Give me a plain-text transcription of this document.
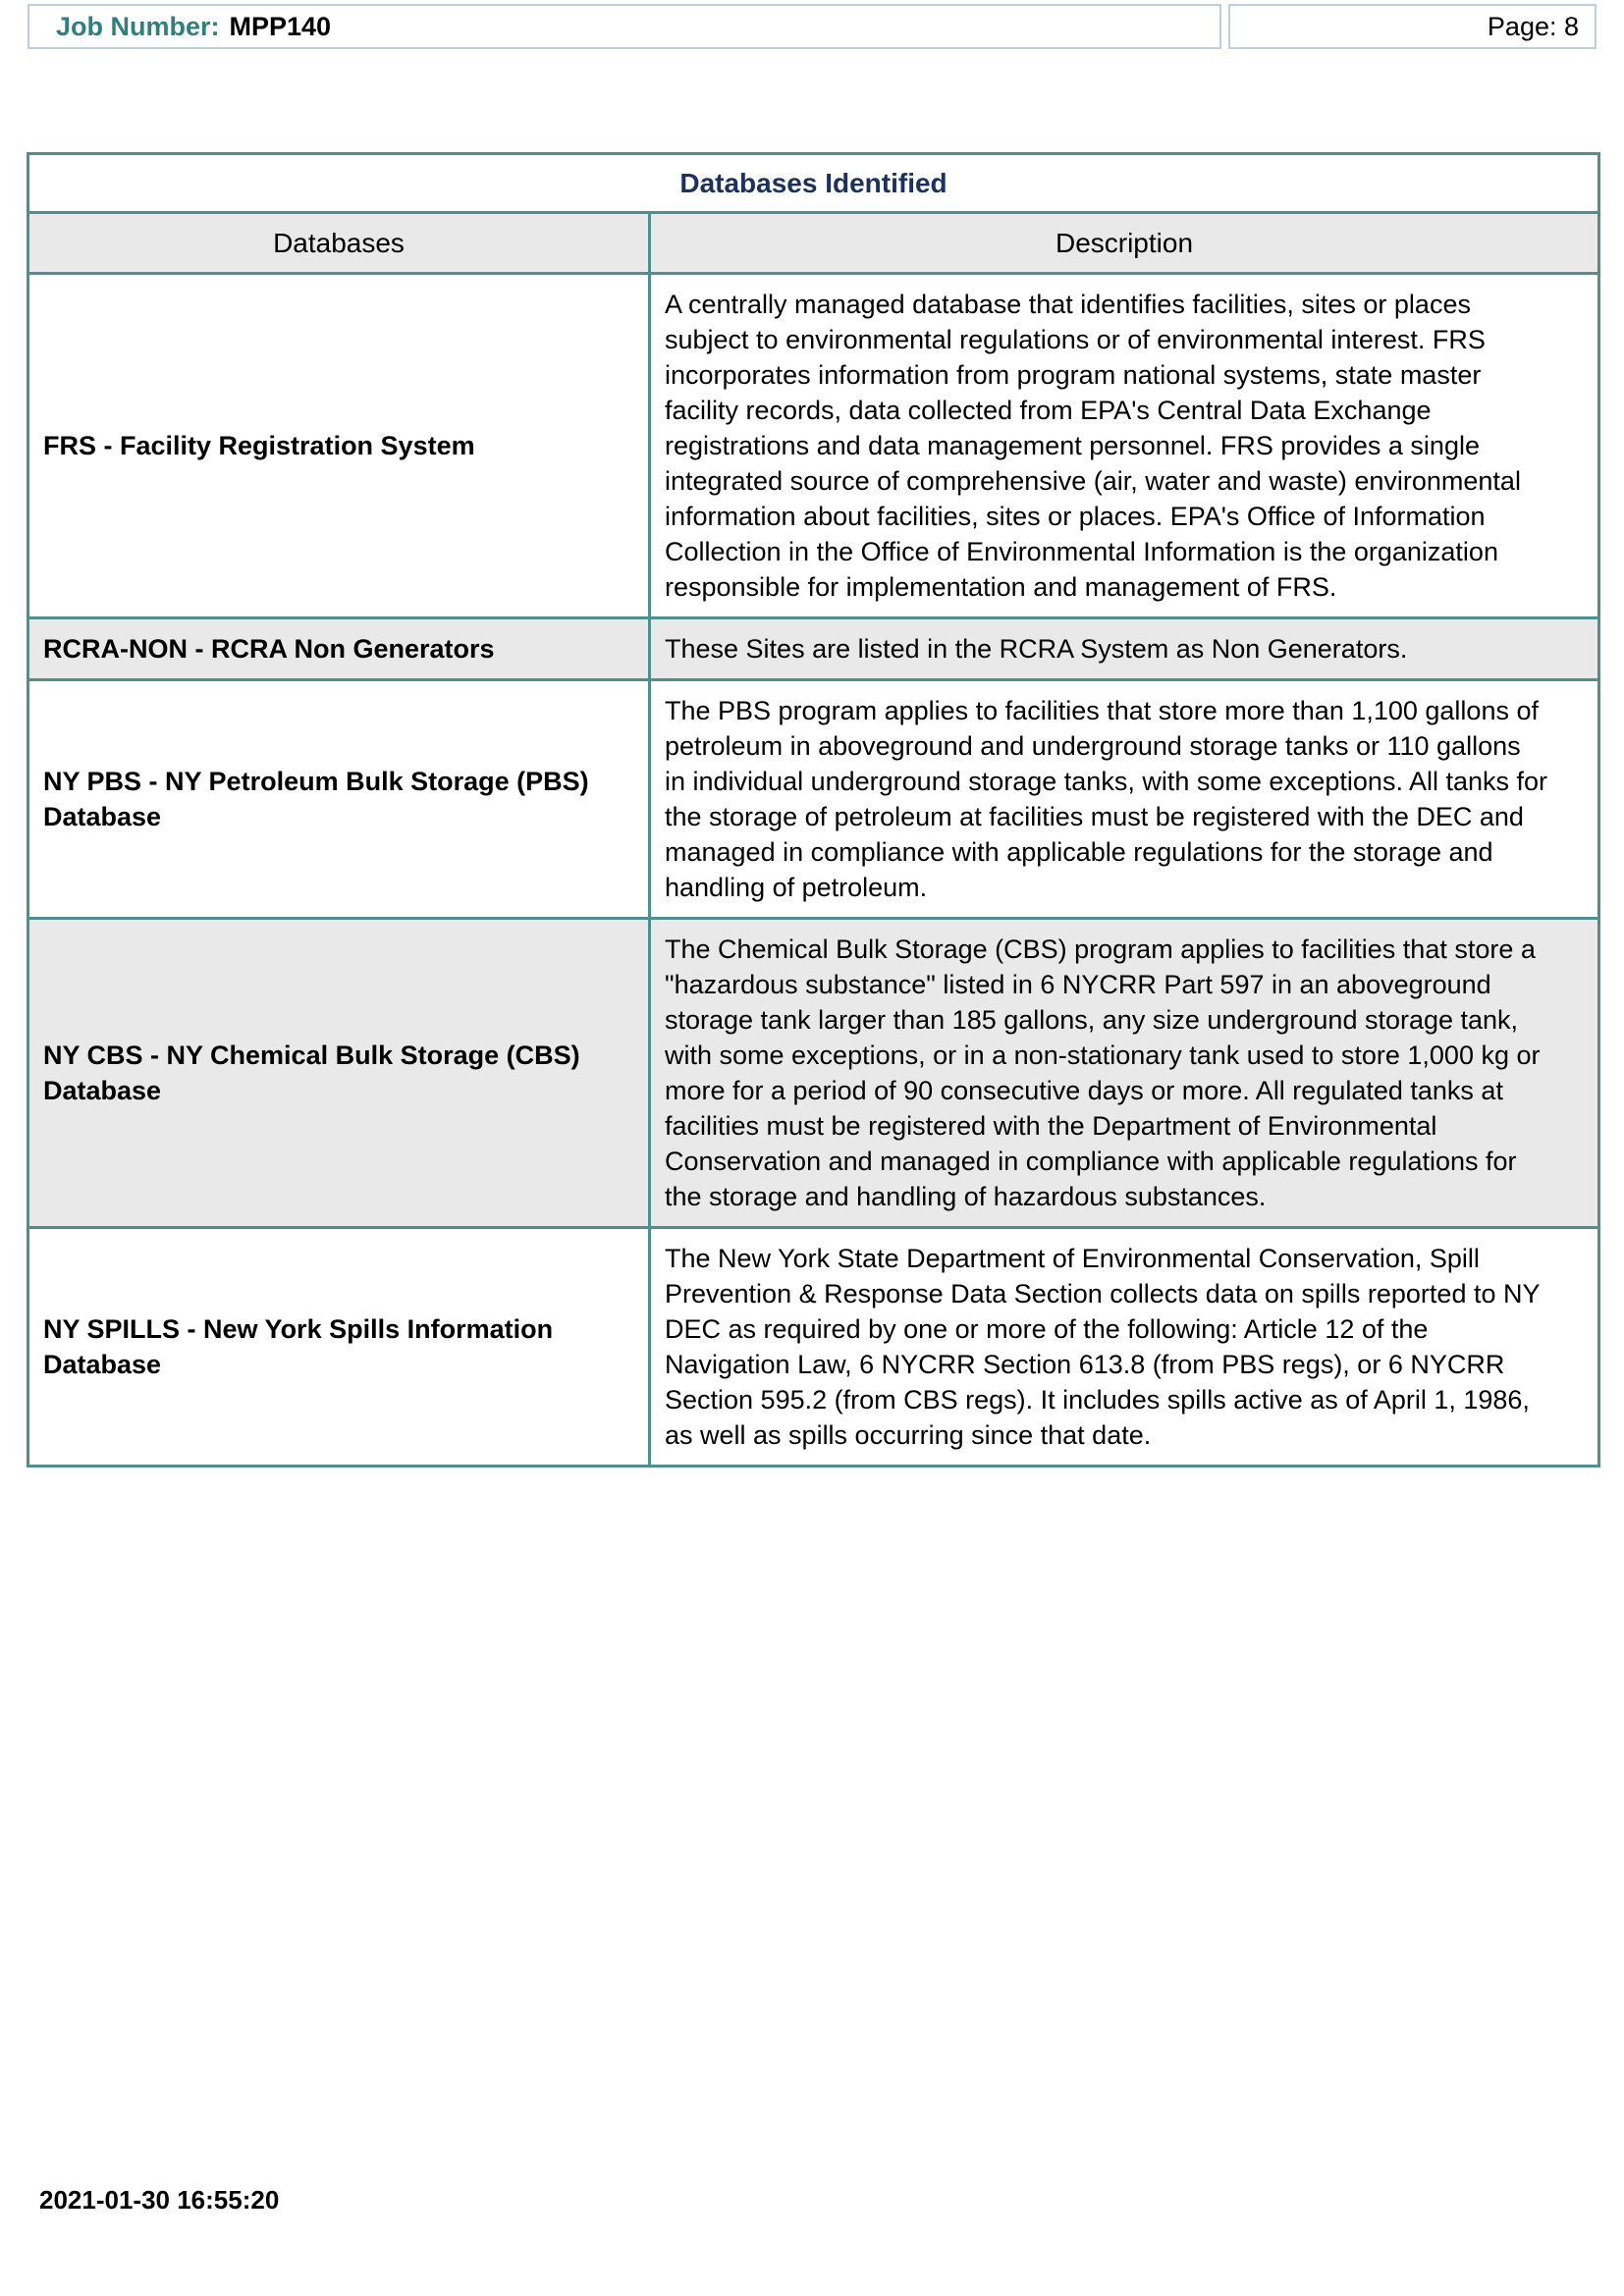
Job Number: MPP140	Page: 8
Databases Identified	
Databases	Description
FRS - Facility Registration System	A centrally managed database that identifies facilities, sites or places subject to environmental regulations or of environmental interest. FRS incorporates information from program national systems, state master facility records, data collected from EPA's Central Data Exchange registrations and data management personnel. FRS provides a single integrated source of comprehensive (air, water and waste) environmental information about facilities, sites or places. EPA's Office of Information Collection in the Office of Environmental Information is the organization responsible for implementation and management of FRS.
RCRA-NON - RCRA Non Generators	These Sites are listed in the RCRA System as Non Generators.
NY PBS - NY Petroleum Bulk Storage (PBS) Database	The PBS program applies to facilities that store more than 1,100 gallons of petroleum in aboveground and underground storage tanks or 110 gallons in individual underground storage tanks, with some exceptions. All tanks for the storage of petroleum at facilities must be registered with the DEC and managed in compliance with applicable regulations for the storage and handling of petroleum.
NY CBS - NY Chemical Bulk Storage (CBS) Database	The Chemical Bulk Storage (CBS) program applies to facilities that store a "hazardous substance" listed in 6 NYCRR Part 597 in an aboveground storage tank larger than 185 gallons, any size underground storage tank, with some exceptions, or in a non-stationary tank used to store 1,000 kg or more for a period of 90 consecutive days or more. All regulated tanks at facilities must be registered with the Department of Environmental Conservation and managed in compliance with applicable regulations for the storage and handling of hazardous substances.
NY SPILLS - New York Spills Information Database	The New York State Department of Environmental Conservation, Spill Prevention & Response Data Section collects data on spills reported to NY DEC as required by one or more of the following: Article 12 of the Navigation Law, 6 NYCRR Section 613.8 (from PBS regs), or 6 NYCRR Section 595.2 (from CBS regs). It includes spills active as of April 1, 1986, as well as spills occurring since that date.
2021-01-30 16:55:20
